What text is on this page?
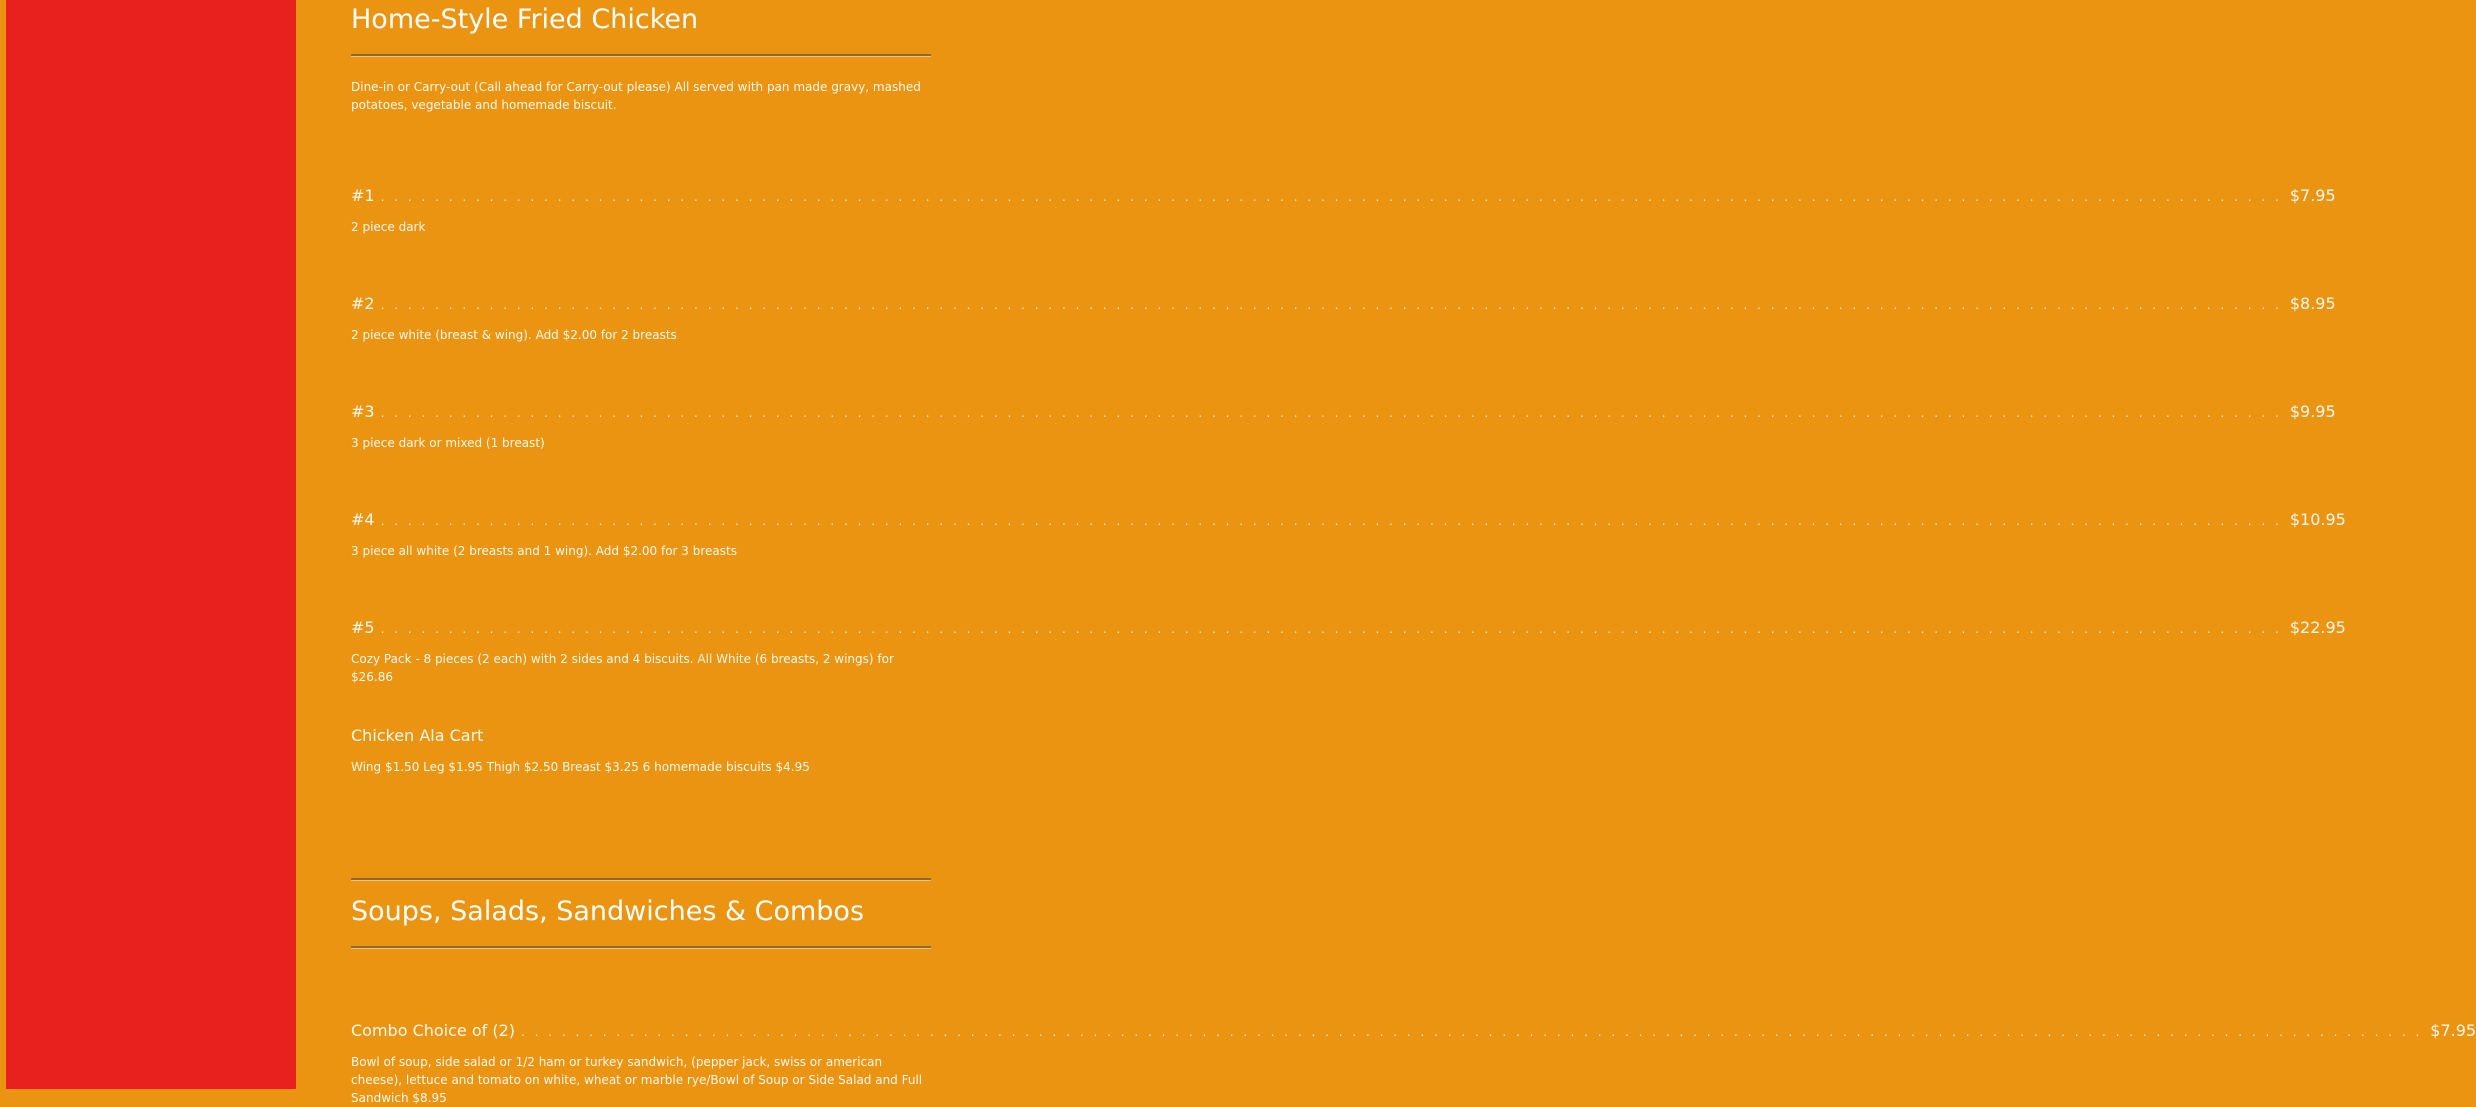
Home-Style Fried Chicken

Dine-in or Carry-out (Call ahead for Carry-out please) All served with pan made gravy, mashed potatoes, vegetable and homemade biscuit.

#1 . . .	$7.95
2 piece dark
#2 . . .	$8.95
2 piece white (breast & wing). Add $2.00 for 2 breasts
#3 . . .	$9.95
3 piece dark or mixed (1 breast)
#4 . . .	$10.95
3 piece all white (2 breasts and 1 wing). Add $2.00 for 3 breasts
#5 . . .	$22.95
Cozy Pack - 8 pieces (2 each) with 2 sides and 4 biscuits. All White (6 breasts, 2 wings) for $26.86
Chicken Ala Cart
Wing $1.50 Leg $1.95 Thigh $2.50 Breast $3.25 6 homemade biscuits $4.95
Soups, Salads, Sandwiches & Combos
Combo Choice of (2) . . .	$7.95
Bowl of soup, side salad or 1/2 ham or turkey sandwich, (pepper jack, swiss or american cheese), lettuce and tomato on white, wheat or marble rye/Bowl of Soup or Side Salad and Full Sandwich $8.95
